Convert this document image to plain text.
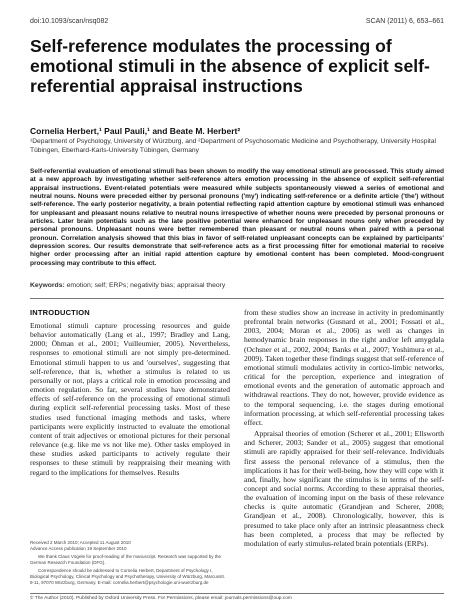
doi:10.1093/scan/nsq082	SCAN (2011) 6, 653–661
Self-reference modulates the processing of emotional stimuli in the absence of explicit self-referential appraisal instructions
Cornelia Herbert,¹ Paul Pauli,¹ and Beate M. Herbert²
¹Department of Psychology, University of Würzburg, and ²Department of Psychosomatic Medicine and Psychotherapy, University Hospital Tübingen, Eberhard-Karls-University Tübingen, Germany
Self-referential evaluation of emotional stimuli has been shown to modify the way emotional stimuli are processed. This study aimed at a new approach by investigating whether self-reference alters emotion processing in the absence of explicit self-referential appraisal instructions. Event-related potentials were measured while subjects spontaneously viewed a series of emotional and neutral nouns. Nouns were preceded either by personal pronouns ('my') indicating self-reference or a definite article ('the') without self-reference. The early posterior negativity, a brain potential reflecting rapid attention capture by emotional stimuli was enhanced for unpleasant and pleasant nouns relative to neutral nouns irrespective of whether nouns were preceded by personal pronouns or articles. Later brain potentials such as the late positive potential were enhanced for unpleasant nouns only when preceded by personal pronouns. Unpleasant nouns were better remembered than pleasant or neutral nouns when paired with a personal pronoun. Correlation analysis showed that this bias in favor of self-related unpleasant concepts can be explained by participants' depression scores. Our results demonstrate that self-reference acts as a first processing filter for emotional material to receive higher order processing after an initial rapid attention capture by emotional content has been completed. Mood-congruent processing may contribute to this effect.
Keywords: emotion; self; ERPs; negativity bias; appraisal theory
INTRODUCTION

Emotional stimuli capture processing resources and guide behavior automatically (Lang et al., 1997; Bradley and Lang, 2000; Öhman et al., 2001; Vuilleumier, 2005). Nevertheless, responses to emotional stimuli are not simply pre-determined. Emotional stimuli happen to us and 'ourselves', suggesting that self-reference, that is, whether a stimulus is related to us personally or not, plays a critical role in emotion processing and emotion regulation. So far, several studies have demonstrated effects of self-reference on the processing of emotional stimuli during explicit self-referential processing tasks. Most of these studies used functional imaging methods and tasks, where participants were explicitly instructed to evaluate the emotional content of trait adjectives or emotional pictures for their personal relevance (e.g. like me vs not like me). Other tasks employed in these studies asked participants to actively regulate their responses to these stimuli by reappraising their meaning with regard to the implications for themselves. Results

from these studies show an increase in activity in predominantly prefrontal brain networks (Gusnard et al., 2001; Fossati et al., 2003, 2004; Moran et al., 2006) as well as changes in hemodynamic brain responses in the right and/or left amygdala (Ochsner et al., 2002, 2004; Banks et al., 2007; Yoshimura et al., 2009). Taken together these findings suggest that self-reference of emotional stimuli modulates activity in cortico-limbic networks, critical for the perception, experience and integration of emotional events and the generation of automatic approach and withdrawal reactions. They do not, however, provide evidence as to the temporal sequencing, i.e. the stages during emotional information processing, at which self-referential processing takes effect.

Appraisal theories of emotion (Scherer et al., 2001; Ellsworth and Scherer, 2003; Sander et al., 2005) suggest that emotional stimuli are rapidly appraised for their self-relevance. Individuals first assess the personal relevance of a stimulus, then the implications it has for their well-being, how they will cope with it and, finally, how significant the stimulus is in terms of the self-concept and social norms. According to these appraisal theories, the evaluation of incoming input on the basis of these relevance checks is quite automatic (Grandjean and Scherer, 2008; Grandjean et al., 2008). Chronologically, however, this is presumed to take place only after an intrinsic pleasantness check has been completed, a process that may be reflected by modulation of early stimulus-related brain potentials (ERPs).

Received 2 March 2010; Accepted 11 August 2010
Advance Access publication 19 September 2010
We thank Claus Vögele for proof-reading of the manuscript. Research was supported by the German Research Foundation (DFG).
Correspondence should be addressed to Cornelia Herbert, Department of Psychology I, Biological Psychology, Clinical Psychology and Psychotherapy, University of Würzburg, Marcusstr. 9-11, 97070 Würzburg, Germany. E-mail: cornelia.herbert@psychologie.uni-wuerzburg.de
© The Author (2010). Published by Oxford University Press. For Permissions, please email: journals.permissions@oup.com
